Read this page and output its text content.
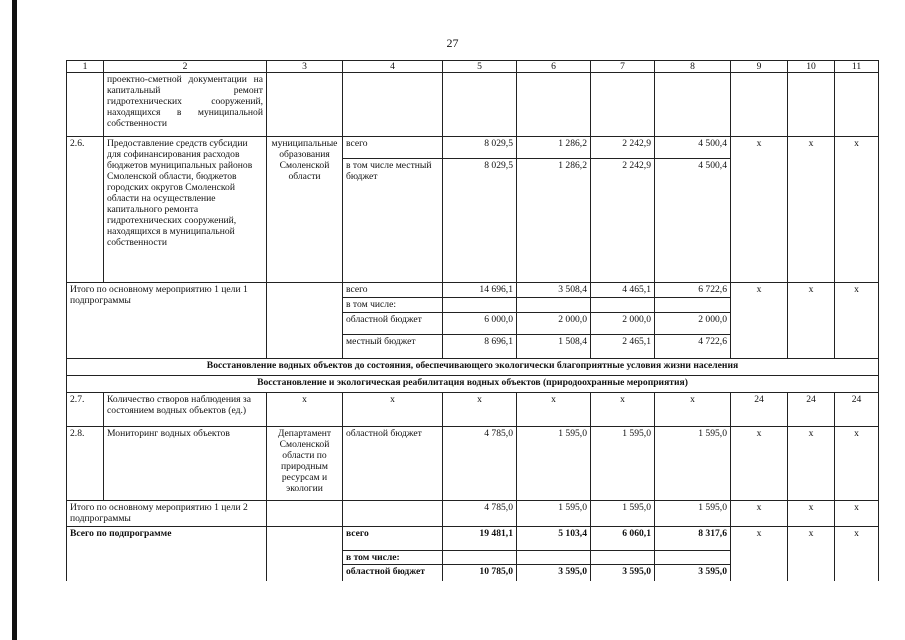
27
1	2	3	4	5	6	7	8	9	10	11
	проектно-сметной документации на капитальный ремонт гидротехнических сооружений, находящихся в муниципальной собственности									
2.6.	Предоставление средств субсидии для софинансирования расходов бюджетов муниципальных районов Смоленской области, бюджетов городских округов Смоленской области на осуществление капитального ремонта гидротехнических сооружений, находящихся в муниципальной собственности	муниципальные образования Смоленской области	всего	8 029,5	1 286,2	2 242,9	4 500,4	х	х	х
			в том числе местный бюджет	8 029,5	1 286,2	2 242,9	4 500,4			
Итого по основному мероприятию 1 цели 1 подпрограммы			всего	14 696,1	3 508,4	4 465,1	6 722,6	х	х	х
			в том числе:							
			областной бюджет	6 000,0	2 000,0	2 000,0	2 000,0			
			местный бюджет	8 696,1	1 508,4	2 465,1	4 722,6			
Восстановление водных объектов до состояния, обеспечивающего экологически благоприятные условия жизни населения										
Восстановление и экологическая реабилитация водных объектов (природоохранные мероприятия)										
2.7.	Количество створов наблюдения за состоянием водных объектов (ед.)	х	х	х	х	х	х	24	24	24
2.8.	Мониторинг водных объектов	Департамент Смоленской области по природным ресурсам и экологии	областной бюджет	4 785,0	1 595,0	1 595,0	1 595,0	х	х	х
Итого по основному мероприятию 1 цели 2 подпрограммы				4 785,0	1 595,0	1 595,0	1 595,0	х	х	х
Всего по подпрограмме			всего	19 481,1	5 103,4	6 060,1	8 317,6	х	х	х
			в том числе:							
			областной бюджет	10 785,0	3 595,0	3 595,0	3 595,0			
